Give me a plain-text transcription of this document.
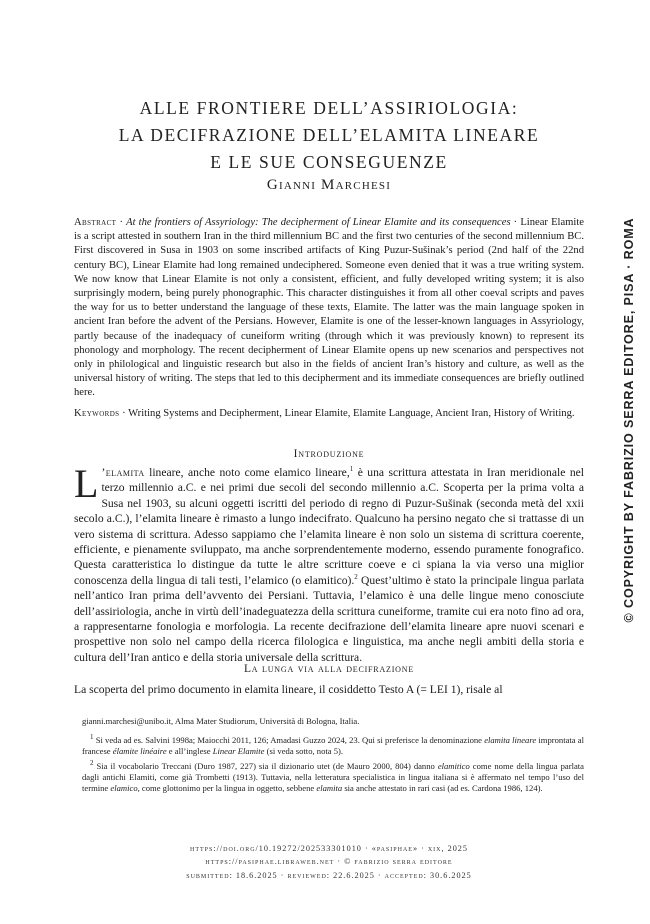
ALLE FRONTIERE DELL’ASSIRIOLOGIA:
LA DECIFRAZIONE DELL’ELAMITA LINEARE
E LE SUE CONSEGUENZE
Gianni Marchesi
Abstract · At the frontiers of Assyriology: The decipherment of Linear Elamite and its consequences · Linear Elamite is a script attested in southern Iran in the third millennium BC and the first two centuries of the second millennium BC. First discovered in Susa in 1903 on some inscribed artifacts of King Puzur-Sušinak’s period (2nd half of the 22nd century BC), Linear Elamite had long remained undeciphered. Someone even denied that it was a true writing system. We now know that Linear Elamite is not only a consistent, efficient, and fully developed writing system; it is also surprisingly modern, being purely phonographic. This character distinguishes it from all other coeval scripts and paves the way for us to better understand the language of these texts, Elamite. The latter was the main language spoken in ancient Iran before the advent of the Persians. However, Elamite is one of the lesser-known languages in Assyriology, partly because of the inadequacy of cuneiform writing (through which it was previously known) to represent its phonology and morphology. The recent decipherment of Linear Elamite opens up new scenarios and perspectives not only in philological and linguistic research but also in the fields of ancient Iran’s history and culture, as well as the universal history of writing. The steps that led to this decipherment and its immediate consequences are briefly outlined here.
Keywords · Writing Systems and Decipherment, Linear Elamite, Elamite Language, Ancient Iran, History of Writing.
Introduzione
L ’elamita lineare, anche noto come elamico lineare,$^1$ è una scrittura attestata in Iran meridionale nel terzo millennio a.C. e nei primi due secoli del secondo millennio a.C. Scoperta per la prima volta a Susa nel 1903, su alcuni oggetti iscritti del periodo di regno di Puzur-Sušinak (seconda metà del xxii secolo a.C.), l’elamita lineare è rimasto a lungo indecifrato. Qualcuno ha persino negato che si trattasse di un vero sistema di scrittura. Adesso sappiamo che l’elamita lineare è non solo un sistema di scrittura coerente, efficiente, e pienamente sviluppato, ma anche sorprendentemente moderno, essendo puramente fonografico. Questa caratteristica lo distingue da tutte le altre scritture coeve e ci spiana la via verso una miglior conoscenza della lingua di tali testi, l’elamico (o elamitico).$^2$ Quest’ultimo è stato la principale lingua parlata nell’antico Iran prima dell’avvento dei Persiani. Tuttavia, l’elamico è una delle lingue meno conosciute dell’assiriologia, anche in virtù dell’inadeguatezza della scrittura cuneiforme, tramite cui era noto fino ad ora, a rappresentarne fonologia e morfologia. La recente decifrazione dell’elamita lineare apre nuovi scenari e prospettive non solo nel campo della ricerca filologica e linguistica, ma anche negli ambiti della storia e cultura dell’Iran antico e della storia universale della scrittura.
La lunga via alla decifrazione
La scoperta del primo documento in elamita lineare, il cosiddetto Testo A (= LEI 1), risale al

gianni.marchesi@unibo.it, Alma Mater Studiorum, Università di Bologna, Italia.

$^1$ Si veda ad es. Salvini 1998a; Maiocchi 2011, 126; Amadasi Guzzo 2024, 23. Qui si preferisce la denominazione elamita lineare improntata al francese élamite linéaire e all’inglese Linear Elamite (si veda sotto, nota 5).

$^2$ Sia il vocabolario Treccani (Duro 1987, 227) sia il dizionario utet (de Mauro 2000, 804) danno elamitico come nome della lingua parlata dagli antichi Elamiti, come già Trombetti (1913). Tuttavia, nella letteratura specialistica in lingua italiana si è affermato nel tempo l’uso del termine elamico, come glottonimo per la lingua in oggetto, sebbene elamita sia anche attestato in rari casi (ad es. Cardona 1986, 124).

https://doi.org/10.19272/202533301010 · «pasiphae» · xix, 2025
https://pasiphae.libraweb.net · © fabrizio serra editore
submitted: 18.6.2025 · reviewed: 22.6.2025 · accepted: 30.6.2025
© COPYRIGHT BY FABRIZIO SERRA EDITORE, PISA · ROMA
